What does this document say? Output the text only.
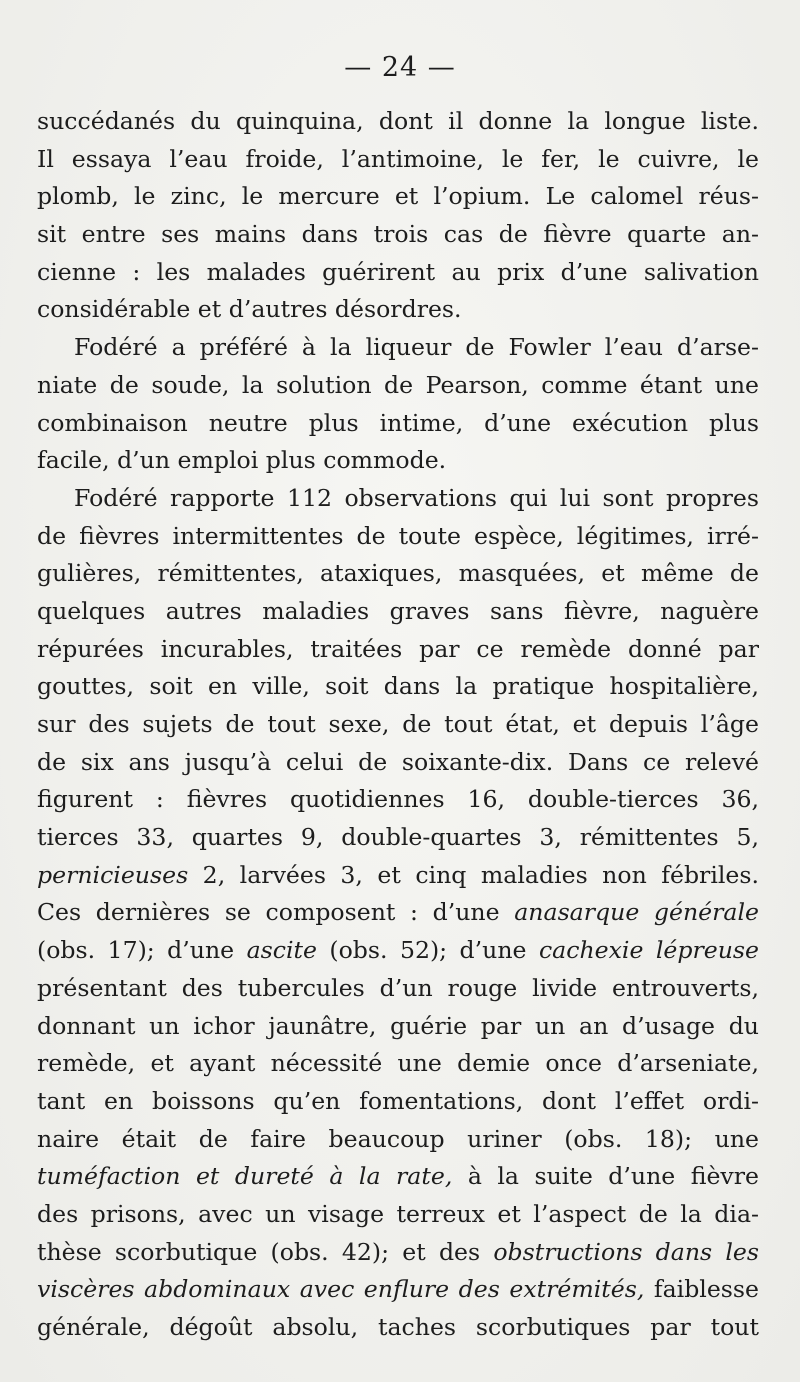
— 24 —
succédanés du quinquina, dont il donne la longue liste.
Il essaya l’eau froide, l’antimoine, le fer, le cuivre, le
plomb, le zinc, le mercure et l’opium. Le calomel réus-
sit entre ses mains dans trois cas de fièvre quarte an-
cienne : les malades guérirent au prix d’une salivation
considérable et d’autres désordres.
Fodéré a préféré à la liqueur de Fowler l’eau d’arse-
niate de soude, la solution de Pearson, comme étant une
combinaison neutre plus intime, d’une exécution plus
facile, d’un emploi plus commode.
Fodéré rapporte 112 observations qui lui sont propres
de fièvres intermittentes de toute espèce, légitimes, irré-
gulières, rémittentes, ataxiques, masquées, et même de
quelques autres maladies graves sans fièvre, naguère
répurées incurables, traitées par ce remède donné par
gouttes, soit en ville, soit dans la pratique hospitalière,
sur des sujets de tout sexe, de tout état, et depuis l’âge
de six ans jusqu’à celui de soixante-dix. Dans ce relevé
figurent : fièvres quotidiennes 16, double-tierces 36,
tierces 33, quartes 9, double-quartes 3, rémittentes 5,
pernicieuses 2, larvées 3, et cinq maladies non fébriles.
Ces dernières se composent : d’une anasarque générale
(obs. 17); d’une ascite (obs. 52); d’une cachexie lépreuse
présentant des tubercules d’un rouge livide entrouverts,
donnant un ichor jaunâtre, guérie par un an d’usage du
remède, et ayant nécessité une demie once d’arseniate,
tant en boissons qu’en fomentations, dont l’effet ordi-
naire était de faire beaucoup uriner (obs. 18); une
tuméfaction et dureté à la rate, à la suite d’une fièvre
des prisons, avec un visage terreux et l’aspect de la dia-
thèse scorbutique (obs. 42); et des obstructions dans les
viscères abdominaux avec enflure des extrémités, faiblesse
générale, dégoût absolu, taches scorbutiques par tout
